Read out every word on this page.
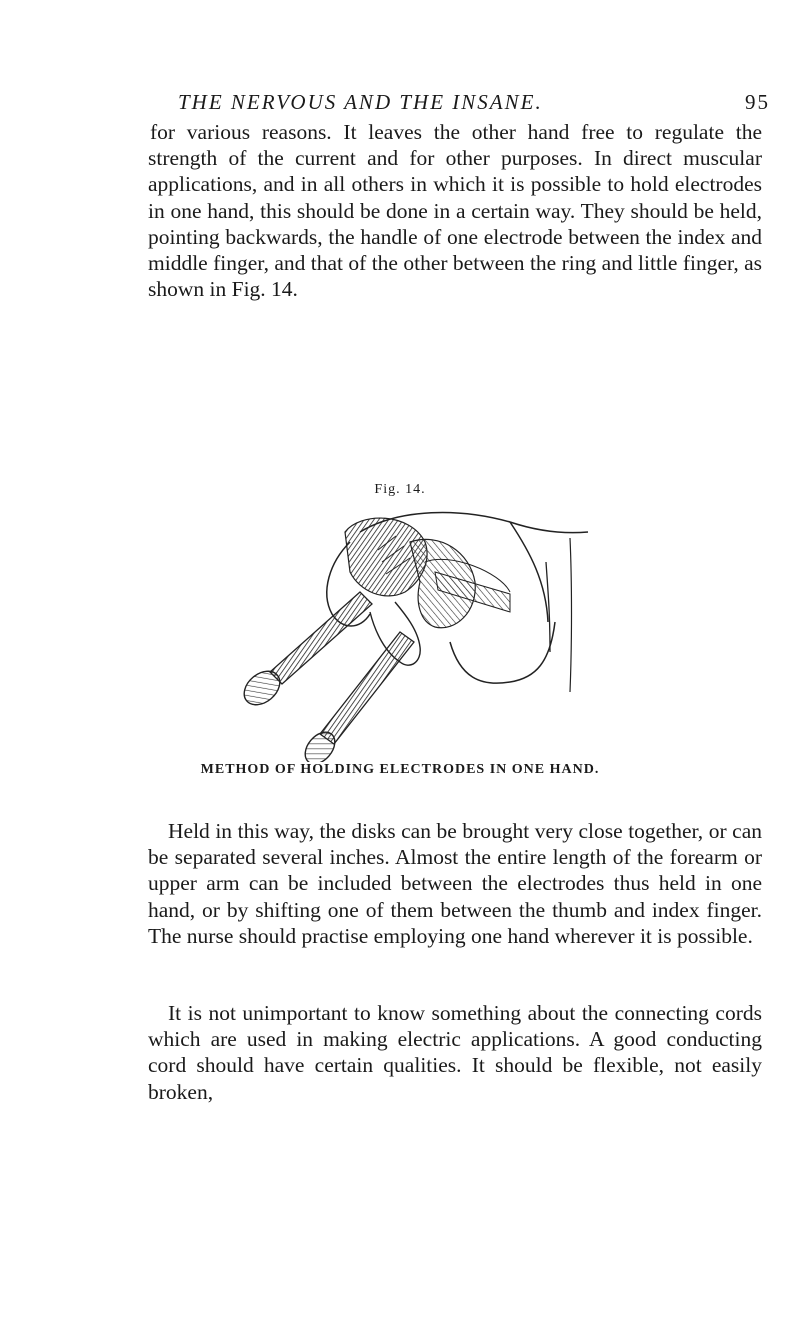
THE NERVOUS AND THE INSANE.	95

for various reasons. It leaves the other hand free to regulate the strength of the current and for other purposes. In direct muscular applications, and in all others in which it is possible to hold electrodes in one hand, this should be done in a certain way. They should be held, pointing backwards, the handle of one electrode between the index and middle finger, and that of the other between the ring and little finger, as shown in Fig. 14.

Fig. 14.
METHOD OF HOLDING ELECTRODES IN ONE HAND.

Held in this way, the disks can be brought very close together, or can be separated several inches. Almost the entire length of the forearm or upper arm can be included between the electrodes thus held in one hand, or by shifting one of them between the thumb and index finger. The nurse should practise employing one hand wherever it is possible.

It is not unimportant to know something about the connecting cords which are used in making electric applications. A good conducting cord should have certain qualities. It should be flexible, not easily broken,
